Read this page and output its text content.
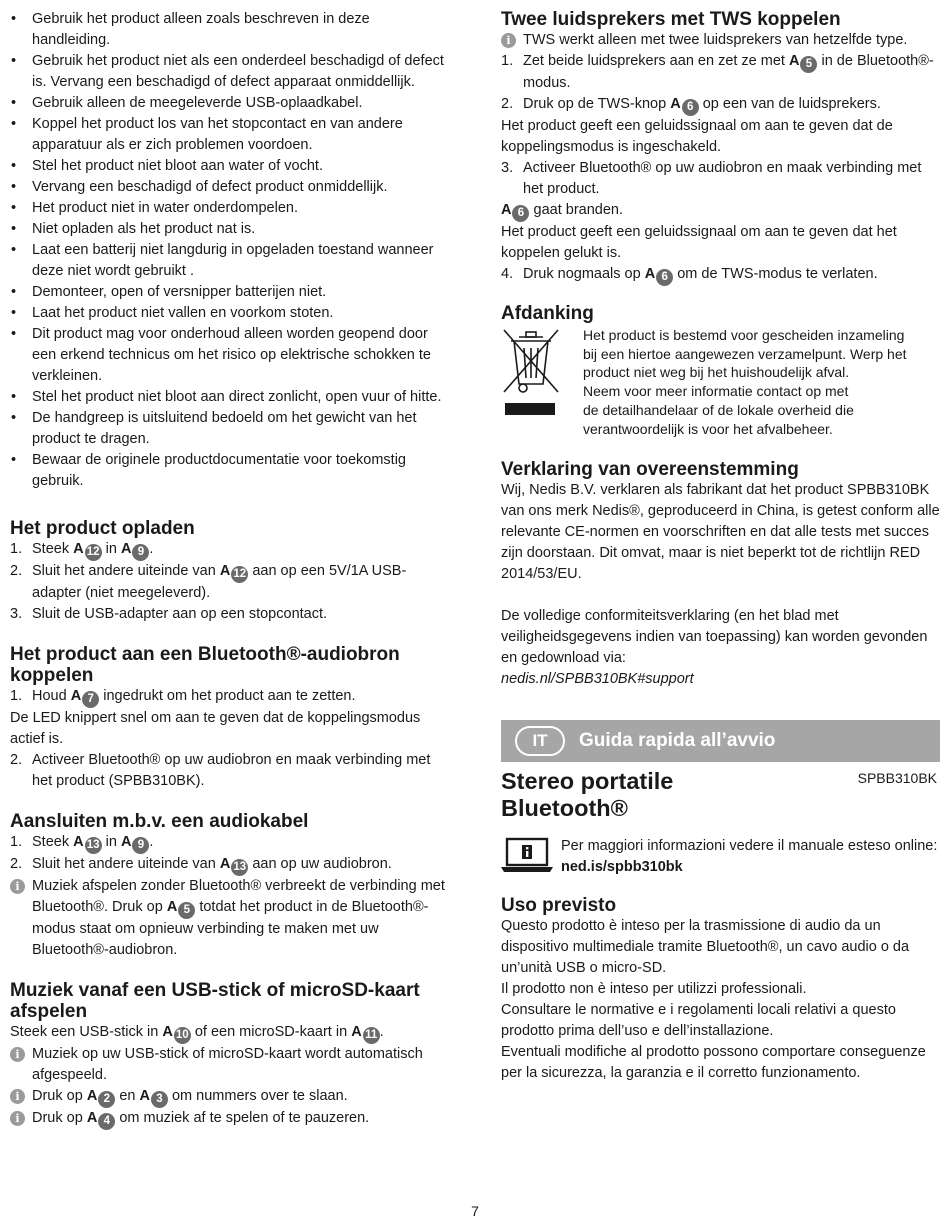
• Gebruik het product alleen zoals beschreven in deze handleiding.
• Gebruik het product niet als een onderdeel beschadigd of defect is. Vervang een beschadigd of defect apparaat onmiddellijk.
• Gebruik alleen de meegeleverde USB-oplaadkabel.
• Koppel het product los van het stopcontact en van andere apparatuur als er zich problemen voordoen.
• Stel het product niet bloot aan water of vocht.
• Vervang een beschadigd of defect product onmiddellijk.
• Het product niet in water onderdompelen.
• Niet opladen als het product nat is.
• Laat een batterij niet langdurig in opgeladen toestand wanneer deze niet wordt gebruikt .
• Demonteer, open of versnipper batterijen niet.
• Laat het product niet vallen en voorkom stoten.
• Dit product mag voor onderhoud alleen worden geopend door een erkend technicus om het risico op elektrische schokken te verkleinen.
• Stel het product niet bloot aan direct zonlicht, open vuur of hitte.
• De handgreep is uitsluitend bedoeld om het gewicht van het product te dragen.
• Bewaar de originele productdocumentatie voor toekomstig gebruik.
Het product opladen
1. Steek A 12 in A 9 .
2. Sluit het andere uiteinde van A 12 aan op een 5V/1A USB-adapter (niet meegeleverd).
3. Sluit de USB-adapter aan op een stopcontact.
Het product aan een Bluetooth®-audiobron koppelen
1. Houd A 7 ingedrukt om het product aan te zetten.
De LED knippert snel om aan te geven dat de koppelingsmodus actief is.
2. Activeer Bluetooth® op uw audiobron en maak verbinding met het product (SPBB310BK).
Aansluiten m.b.v. een audiokabel
1. Steek A 13 in A 9 .
2. Sluit het andere uiteinde van A 13 aan op uw audiobron.
i Muziek afspelen zonder Bluetooth® verbreekt de verbinding met Bluetooth®. Druk op A 5 totdat het product in de Bluetooth®-modus staat om opnieuw verbinding te maken met uw Bluetooth®-audiobron.
Muziek vanaf een USB-stick of microSD-kaart afspelen
Steek een USB-stick in A 10 of een microSD-kaart in A 11 .
i Muziek op uw USB-stick of microSD-kaart wordt automatisch afgespeeld.
i Druk op A 2 en A 3 om nummers over te slaan.
i Druk op A 4 om muziek af te spelen of te pauzeren.
Twee luidsprekers met TWS koppelen
i TWS werkt alleen met twee luidsprekers van hetzelfde type.
1. Zet beide luidsprekers aan en zet ze met A 5 in de Bluetooth®-modus.
2. Druk op de TWS-knop A 6 op een van de luidsprekers.
Het product geeft een geluidssignaal om aan te geven dat de koppelingsmodus is ingeschakeld.
3. Activeer Bluetooth® op uw audiobron en maak verbinding met het product.
A 6 gaat branden.
Het product geeft een geluidssignaal om aan te geven dat het koppelen gelukt is.
4. Druk nogmaals op A 6 om de TWS-modus te verlaten.
Afdanking
Het product is bestemd voor gescheiden inzameling
bij een hiertoe aangewezen verzamelpunt. Werp het
product niet weg bij het huishoudelijk afval.
Neem voor meer informatie contact op met
de detailhandelaar of de lokale overheid die
verantwoordelijk is voor het afvalbeheer.
Verklaring van overeenstemming
Wij, Nedis B.V. verklaren als fabrikant dat het product SPBB310BK van ons merk Nedis®, geproduceerd in China, is getest conform alle relevante CE-normen en voorschriften en dat alle tests met succes zijn doorstaan. Dit omvat, maar is niet beperkt tot de richtlijn RED 2014/53/EU.
De volledige conformiteitsverklaring (en het blad met veiligheidsgegevens indien van toepassing) kan worden gevonden en gedownload via:
nedis.nl/SPBB310BK#support
IT	Guida rapida all’avvio
Stereo portatile Bluetooth®
SPBB310BK
Per maggiori informazioni vedere il manuale esteso online:
ned.is/spbb310bk
Uso previsto
Questo prodotto è inteso per la trasmissione di audio da un dispositivo multimediale tramite Bluetooth®, un cavo audio o da un’unità USB o micro-SD.
Il prodotto non è inteso per utilizzi professionali.
Consultare le normative e i regolamenti locali relativi a questo prodotto prima dell’uso e dell’installazione.
Eventuali modifiche al prodotto possono comportare conseguenze per la sicurezza, la garanzia e il corretto funzionamento.
7
